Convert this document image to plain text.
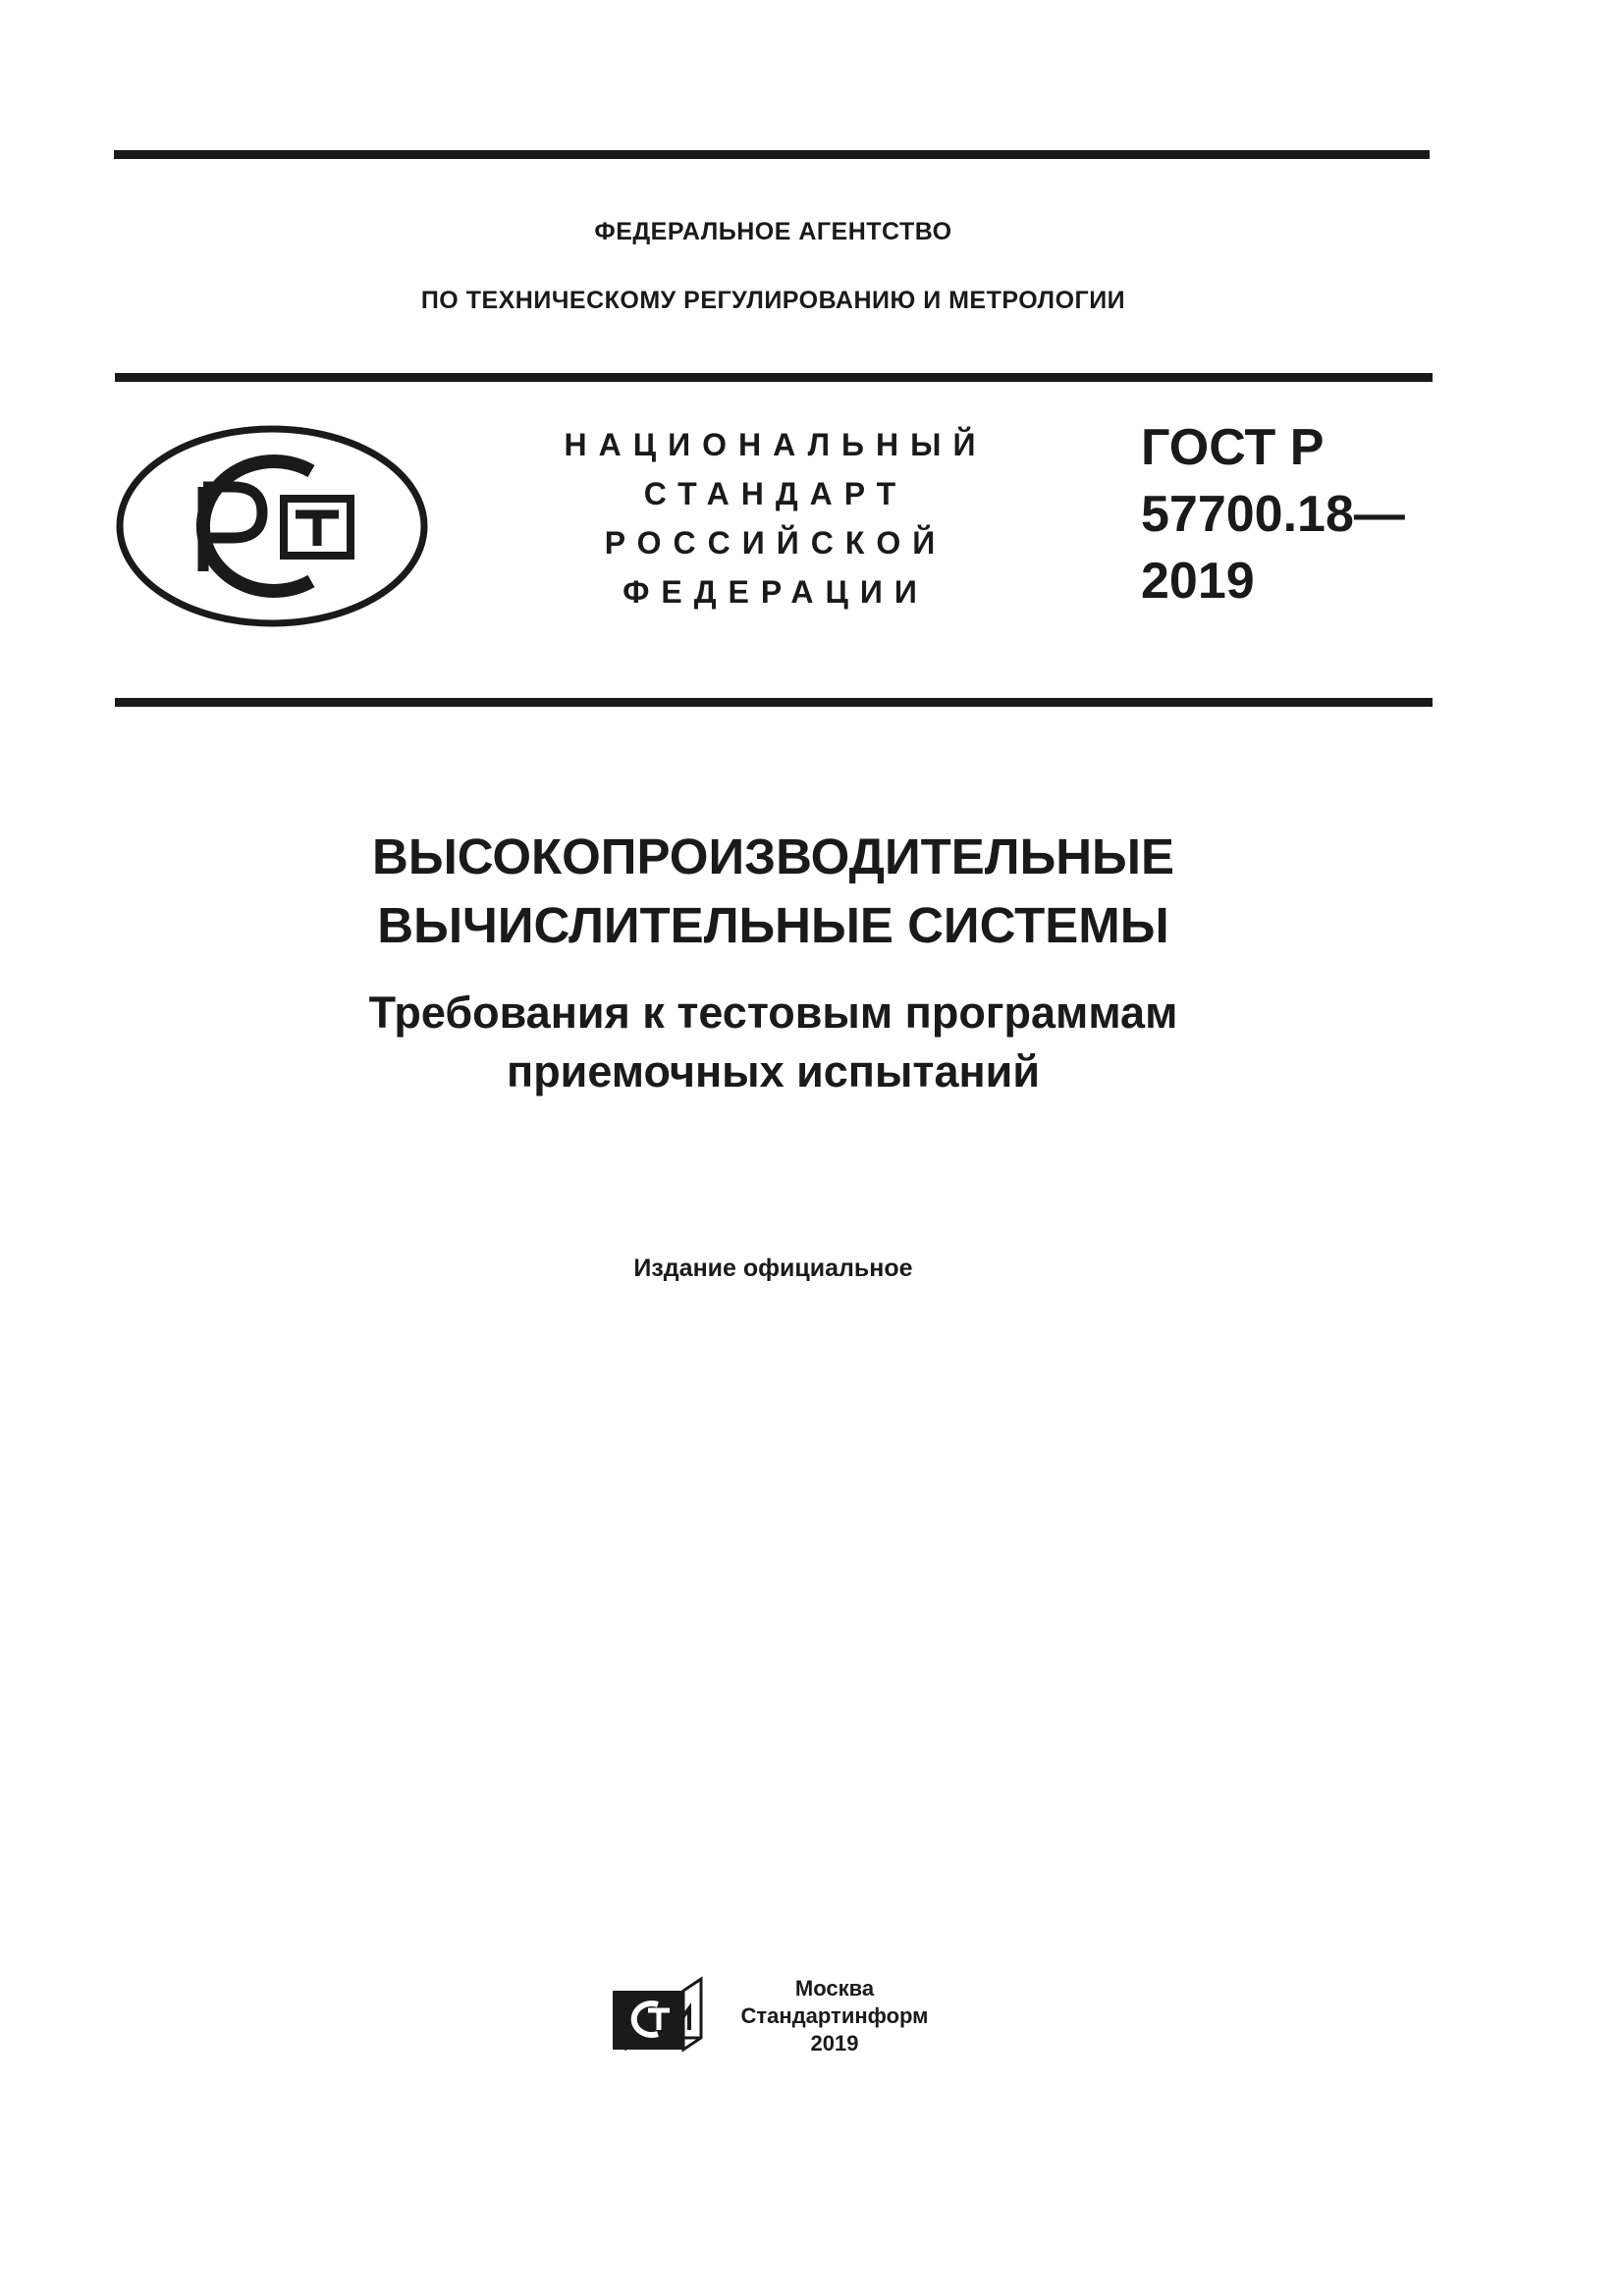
ФЕДЕРАЛЬНОЕ АГЕНТСТВО
ПО ТЕХНИЧЕСКОМУ РЕГУЛИРОВАНИЮ И МЕТРОЛОГИИ
НАЦИОНАЛЬНЫЙ
СТАНДАРТ
РОССИЙСКОЙ
ФЕДЕРАЦИИ
ГОСТ Р
57700.18—
2019
ВЫСОКОПРОИЗВОДИТЕЛЬНЫЕ
ВЫЧИСЛИТЕЛЬНЫЕ СИСТЕМЫ
Требования к тестовым программам
приемочных испытаний
Издание официальное
Москва
Стандартинформ
2019
